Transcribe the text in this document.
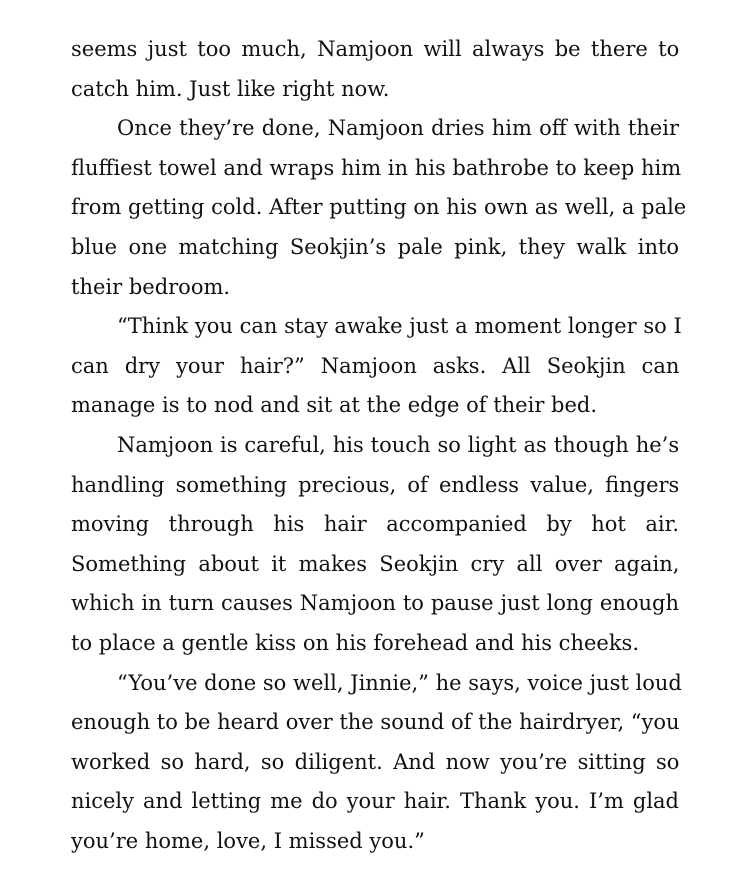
seems just too much, Namjoon will always be there to
catch him. Just like right now.

Once they’re done, Namjoon dries him off with their
fluffiest towel and wraps him in his bathrobe to keep him
from getting cold. After putting on his own as well, a pale
blue one matching Seokjin’s pale pink, they walk into
their bedroom.

“Think you can stay awake just a moment longer so I
can dry your hair?” Namjoon asks. All Seokjin can
manage is to nod and sit at the edge of their bed.

Namjoon is careful, his touch so light as though he’s
handling something precious, of endless value, fingers
moving through his hair accompanied by hot air.
Something about it makes Seokjin cry all over again,
which in turn causes Namjoon to pause just long enough
to place a gentle kiss on his forehead and his cheeks.

“You’ve done so well, Jinnie,” he says, voice just loud
enough to be heard over the sound of the hairdryer, “you
worked so hard, so diligent. And now you’re sitting so
nicely and letting me do your hair. Thank you. I’m glad
you’re home, love, I missed you.”
